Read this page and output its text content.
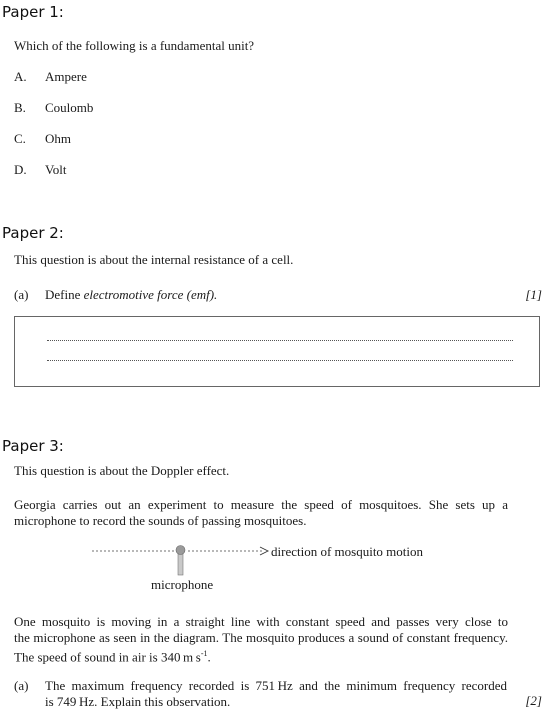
Paper 1:
Which of the following is a fundamental unit?
A. Ampere
B. Coulomb
C. Ohm
D. Volt
Paper 2:
This question is about the internal resistance of a cell.
(a) Define electromotive force (emf).	[1]
Paper 3:
This question is about the Doppler effect.
Georgia carries out an experiment to measure the speed of mosquitoes. She sets up a
microphone to record the sounds of passing mosquitoes.
direction of mosquito motion
microphone
One mosquito is moving in a straight line with constant speed and passes very close to
the microphone as seen in the diagram. The mosquito produces a sound of constant frequency.
The speed of sound in air is 340 m $s^{-1}$.
(a) The maximum frequency recorded is 751 Hz and the minimum frequency recorded
is 749 Hz. Explain this observation.	[2]
